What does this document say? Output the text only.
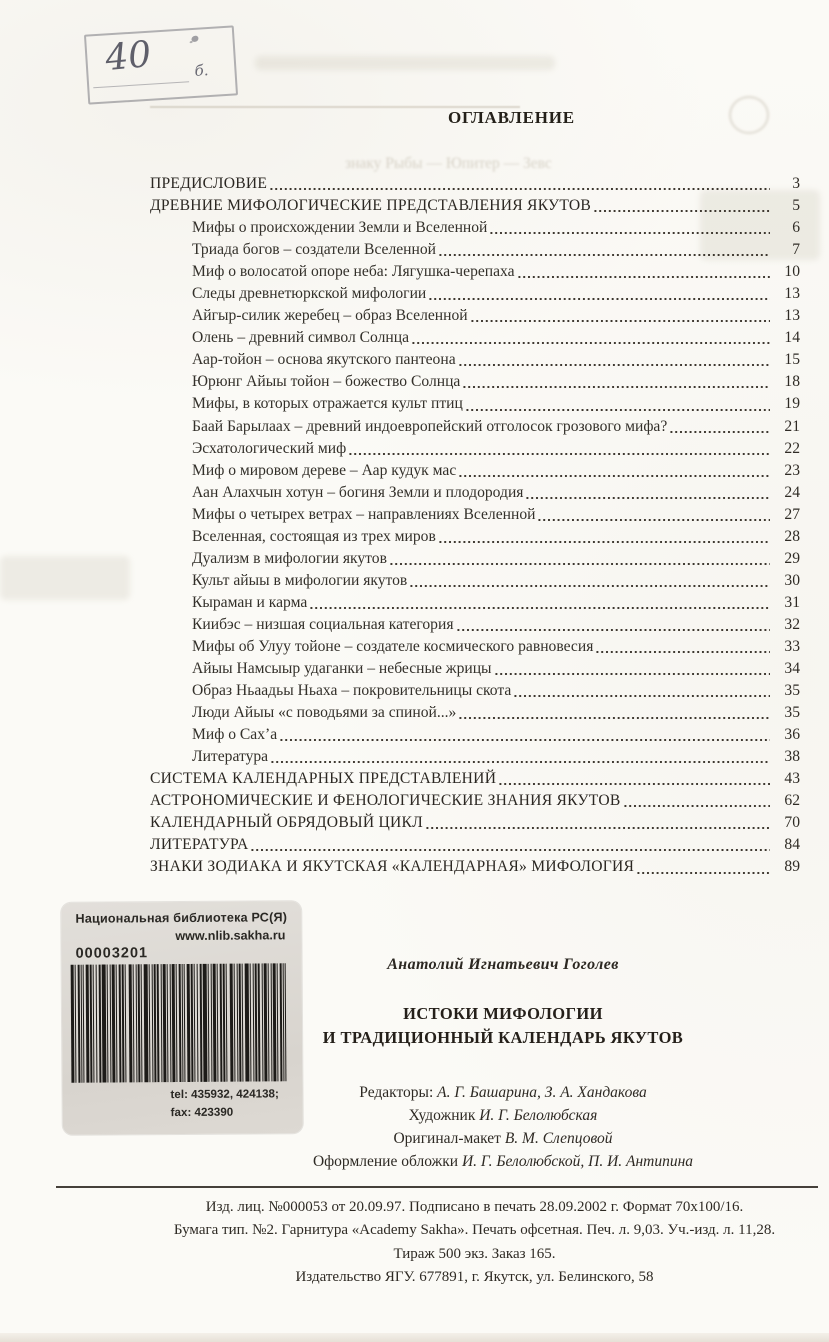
40	б.

знаку Рыбы — Юпитер — Зевс
ОГЛАВЛЕНИЕ
ПРЕДИСЛОВИЕ	3
ДРЕВНИЕ МИФОЛОГИЧЕСКИЕ ПРЕДСТАВЛЕНИЯ ЯКУТОВ	5
Мифы о происхождении Земли и Вселенной	6
Триада богов – создатели Вселенной	7
Миф о волосатой опоре неба: Лягушка-черепаха	10
Следы древнетюркской мифологии	13
Айгыр-силик жеребец – образ Вселенной	13
Олень – древний символ Солнца	14
Аар-тойон – основа якутского пантеона	15
Юрюнг Айыы тойон – божество Солнца	18
Мифы, в которых отражается культ птиц	19
Баай Барылаах – древний индоевропейский отголосок грозового мифа?	21
Эсхатологический миф	22
Миф о мировом дереве – Аар кудук мас	23
Аан Алахчын хотун – богиня Земли и плодородия	24
Мифы о четырех ветрах – направлениях Вселенной	27
Вселенная, состоящая из трех миров	28
Дуализм в мифологии якутов	29
Культ айыы в мифологии якутов	30
Кыраман и карма	31
Киибэс – низшая социальная категория	32
Мифы об Улуу тойоне – создателе космического равновесия	33
Айыы Намсыыр удаганки – небесные жрицы	34
Образ Ньаадьы Ньаха – покровительницы скота	35
Люди Айыы «с поводьями за спиной...»	35
Миф о Сах’а	36
Литература	38
СИСТЕМА КАЛЕНДАРНЫХ ПРЕДСТАВЛЕНИЙ	43
АСТРОНОМИЧЕСКИЕ И ФЕНОЛОГИЧЕСКИЕ ЗНАНИЯ ЯКУТОВ	62
КАЛЕНДАРНЫЙ ОБРЯДОВЫЙ ЦИКЛ	70
ЛИТЕРАТУРА	84
ЗНАКИ ЗОДИАКА И ЯКУТСКАЯ «КАЛЕНДАРНАЯ» МИФОЛОГИЯ	89
Национальная библиотека РС(Я)
www.nlib.sakha.ru
00003201
tel: 435932, 424138;
fax: 423390
Анатолий Игнатьевич Гоголев
ИСТОКИ МИФОЛОГИИ
И ТРАДИЦИОННЫЙ КАЛЕНДАРЬ ЯКУТОВ
Редакторы: А. Г. Башарина, З. А. Хандакова
Художник И. Г. Белолюбская
Оригинал-макет В. М. Слепцовой
Оформление обложки И. Г. Белолюбской, П. И. Антипина
Изд. лиц. №000053 от 20.09.97. Подписано в печать 28.09.2002 г. Формат 70x100/16.
Бумага тип. №2. Гарнитура «Academy Sakha». Печать офсетная. Печ. л. 9,03. Уч.-изд. л. 11,28.
Тираж 500 экз. Заказ 165.
Издательство ЯГУ. 677891, г. Якутск, ул. Белинского, 58
